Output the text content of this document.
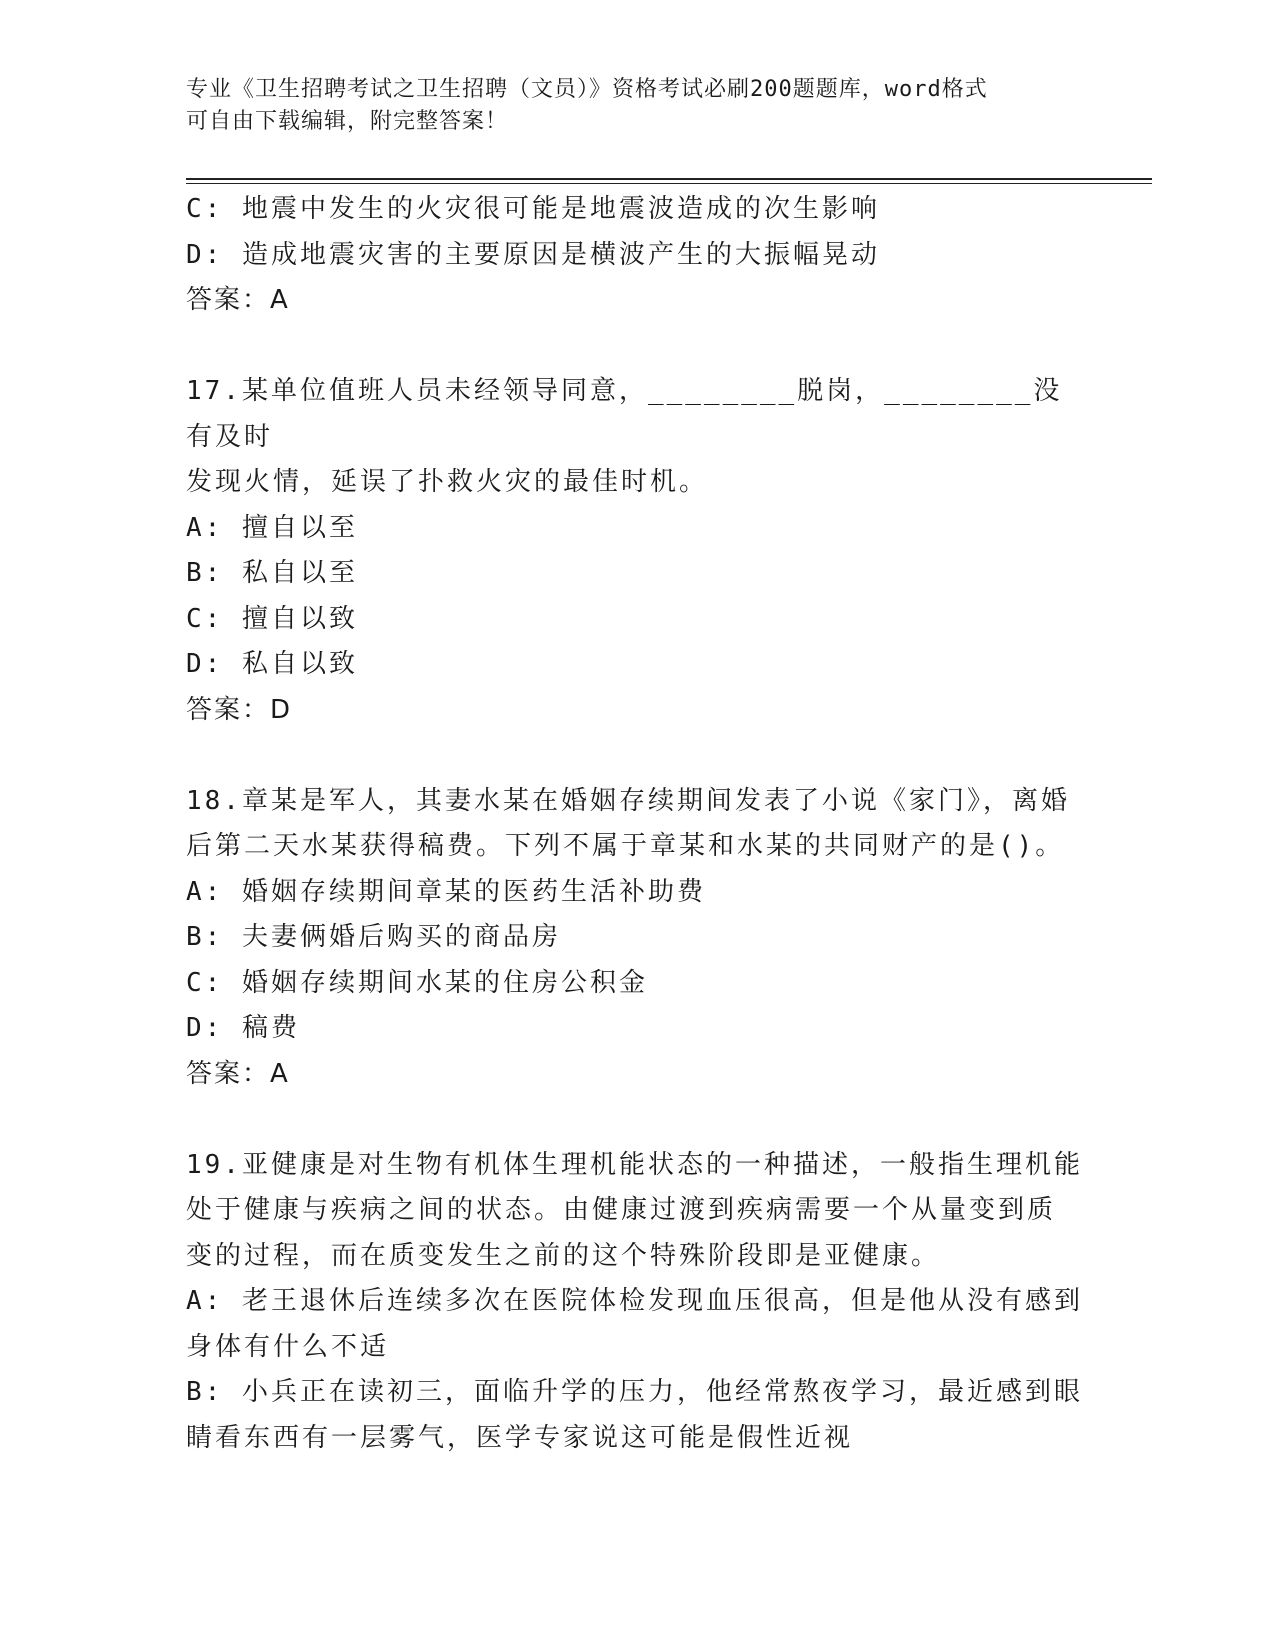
专业《卫生招聘考试之卫生招聘（文员）》资格考试必刷200题题库，word格式
可自由下载编辑，附完整答案！
C: 地震中发生的火灾很可能是地震波造成的次生影响
D: 造成地震灾害的主要原因是横波产生的大振幅晃动
答案：A
17.某单位值班人员未经领导同意，________脱岗，________没有及时
发现火情，延误了扑救火灾的最佳时机。
A: 擅自以至
B: 私自以至
C: 擅自以致
D: 私自以致
答案：D
18.章某是军人，其妻水某在婚姻存续期间发表了小说《家门》，离婚
后第二天水某获得稿费。下列不属于章某和水某的共同财产的是()。
A: 婚姻存续期间章某的医药生活补助费
B: 夫妻俩婚后购买的商品房
C: 婚姻存续期间水某的住房公积金
D: 稿费
答案：A
19.亚健康是对生物有机体生理机能状态的一种描述，一般指生理机能
处于健康与疾病之间的状态。由健康过渡到疾病需要一个从量变到质
变的过程，而在质变发生之前的这个特殊阶段即是亚健康。
A: 老王退休后连续多次在医院体检发现血压很高，但是他从没有感到
身体有什么不适
B: 小兵正在读初三，面临升学的压力，他经常熬夜学习，最近感到眼
睛看东西有一层雾气，医学专家说这可能是假性近视
